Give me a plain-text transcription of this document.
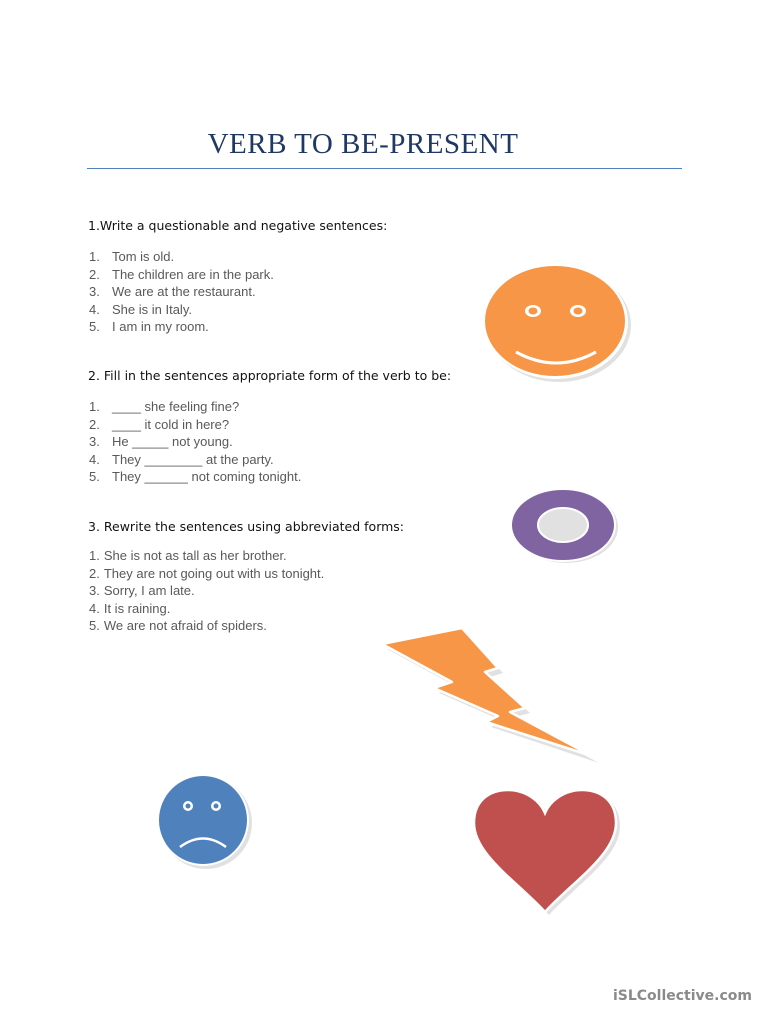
VERB TO BE-PRESENT
1.Write a questionable and negative sentences:
1. Tom is old.
2. The children are in the park.
3. We are at the restaurant.
4. She is in Italy.
5. I am in my room.
2. Fill in the sentences appropriate form of the verb to be:
1. ____ she feeling fine?
2. ____ it cold in here?
3. He _____ not young.
4. They ________ at the party.
5. They ______ not coming tonight.
3. Rewrite the sentences using abbreviated forms:
1. She is not as tall as her brother.
2. They are not going out with us tonight.
3. Sorry, I am late.
4. It is raining.
5. We are not afraid of spiders.
iSLCollective.com
